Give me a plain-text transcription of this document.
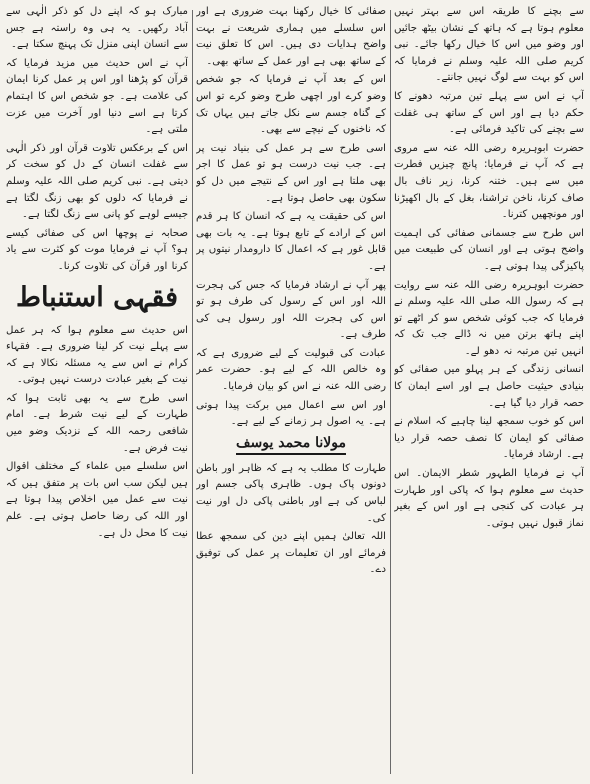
سے بچنے کا طریقہ اس سے بہتر نہیں معلوم ہوتا ہے کہ ہاتھ کے نشان بیٹھ جائیں اور وضو میں اس کا خیال رکھا جائے۔ نبی کریم صلی اللہ علیہ وسلم نے فرمایا کہ اس کو بہت سے لوگ نہیں جانتے۔

آپ نے اس سے پہلے تین مرتبہ دھونے کا حکم دیا ہے اور اس کے ساتھ ہی غفلت سے بچنے کی تاکید فرمائی ہے۔

حضرت ابوہریرہ رضی اللہ عنہ سے مروی ہے کہ آپ نے فرمایا: پانچ چیزیں فطرت میں سے ہیں۔ ختنہ کرنا، زیر ناف بال صاف کرنا، ناخن تراشنا، بغل کے بال اکھیڑنا اور مونچھیں کترنا۔

اس طرح سے جسمانی صفائی کی اہمیت واضح ہوتی ہے اور انسان کی طبیعت میں پاکیزگی پیدا ہوتی ہے۔

حضرت ابوہریرہ رضی اللہ عنہ سے روایت ہے کہ رسول اللہ صلی اللہ علیہ وسلم نے فرمایا کہ جب کوئی شخص سو کر اٹھے تو اپنے ہاتھ برتن میں نہ ڈالے جب تک کہ انہیں تین مرتبہ نہ دھو لے۔

انسانی زندگی کے ہر پہلو میں صفائی کو بنیادی حیثیت حاصل ہے اور اسے ایمان کا حصہ قرار دیا گیا ہے۔

اس کو خوب سمجھ لینا چاہیے کہ اسلام نے صفائی کو ایمان کا نصف حصہ قرار دیا ہے۔ ارشاد فرمایا۔

آپ نے فرمایا الطہور شطر الایمان۔ اس حدیث سے معلوم ہوا کہ پاکی اور طہارت ہر عبادت کی کنجی ہے اور اس کے بغیر نماز قبول نہیں ہوتی۔

صفائی کا خیال رکھنا بہت ضروری ہے اور اس سلسلے میں ہماری شریعت نے بہت واضح ہدایات دی ہیں۔ اس کا تعلق نیت کے ساتھ بھی ہے اور عمل کے ساتھ بھی۔

اس کے بعد آپ نے فرمایا کہ جو شخص وضو کرے اور اچھی طرح وضو کرے تو اس کے گناہ جسم سے نکل جاتے ہیں یہاں تک کہ ناخنوں کے نیچے سے بھی۔

اسی طرح سے ہر عمل کی بنیاد نیت پر ہے۔ جب نیت درست ہو تو عمل کا اجر بھی ملتا ہے اور اس کے نتیجے میں دل کو سکون بھی حاصل ہوتا ہے۔

اس کی حقیقت یہ ہے کہ انسان کا ہر قدم اس کے ارادے کے تابع ہوتا ہے۔ یہ بات بھی قابل غور ہے کہ اعمال کا دارومدار نیتوں پر ہے۔

پھر آپ نے ارشاد فرمایا کہ جس کی ہجرت اللہ اور اس کے رسول کی طرف ہو تو اس کی ہجرت اللہ اور رسول ہی کی طرف ہے۔

عبادت کی قبولیت کے لیے ضروری ہے کہ وہ خالص اللہ کے لیے ہو۔ حضرت عمر رضی اللہ عنہ نے اس کو بیان فرمایا۔

اور اس سے اعمال میں برکت پیدا ہوتی ہے۔ یہ اصول ہر زمانے کے لیے ہے۔

مولانا محمد یوسف

طہارت کا مطلب یہ ہے کہ ظاہر اور باطن دونوں پاک ہوں۔ ظاہری پاکی جسم اور لباس کی ہے اور باطنی پاکی دل اور نیت کی۔

اللہ تعالیٰ ہمیں اپنے دین کی سمجھ عطا فرمائے اور ان تعلیمات پر عمل کی توفیق دے۔

مبارک ہو کہ اپنے دل کو ذکر الٰہی سے آباد رکھیں۔ یہ ہی وہ راستہ ہے جس سے انسان اپنی منزل تک پہنچ سکتا ہے۔

آپ نے اس حدیث میں مزید فرمایا کہ قرآن کو پڑھنا اور اس پر عمل کرنا ایمان کی علامت ہے۔ جو شخص اس کا اہتمام کرتا ہے اسے دنیا اور آخرت میں عزت ملتی ہے۔

اس کے برعکس تلاوت قرآن اور ذکر الٰہی سے غفلت انسان کے دل کو سخت کر دیتی ہے۔ نبی کریم صلی اللہ علیہ وسلم نے فرمایا کہ دلوں کو بھی زنگ لگتا ہے جیسے لوہے کو پانی سے زنگ لگتا ہے۔

صحابہ نے پوچھا اس کی صفائی کیسے ہو؟ آپ نے فرمایا موت کو کثرت سے یاد کرنا اور قرآن کی تلاوت کرنا۔

فقہی استنباط

اس حدیث سے معلوم ہوا کہ ہر عمل سے پہلے نیت کر لینا ضروری ہے۔ فقہاء کرام نے اس سے یہ مسئلہ نکالا ہے کہ نیت کے بغیر عبادت درست نہیں ہوتی۔

اسی طرح سے یہ بھی ثابت ہوا کہ طہارت کے لیے نیت شرط ہے۔ امام شافعی رحمہ اللہ کے نزدیک وضو میں نیت فرض ہے۔

اس سلسلے میں علماء کے مختلف اقوال ہیں لیکن سب اس بات پر متفق ہیں کہ نیت سے عمل میں اخلاص پیدا ہوتا ہے اور اللہ کی رضا حاصل ہوتی ہے۔ علم نیت کا محل دل ہے۔
